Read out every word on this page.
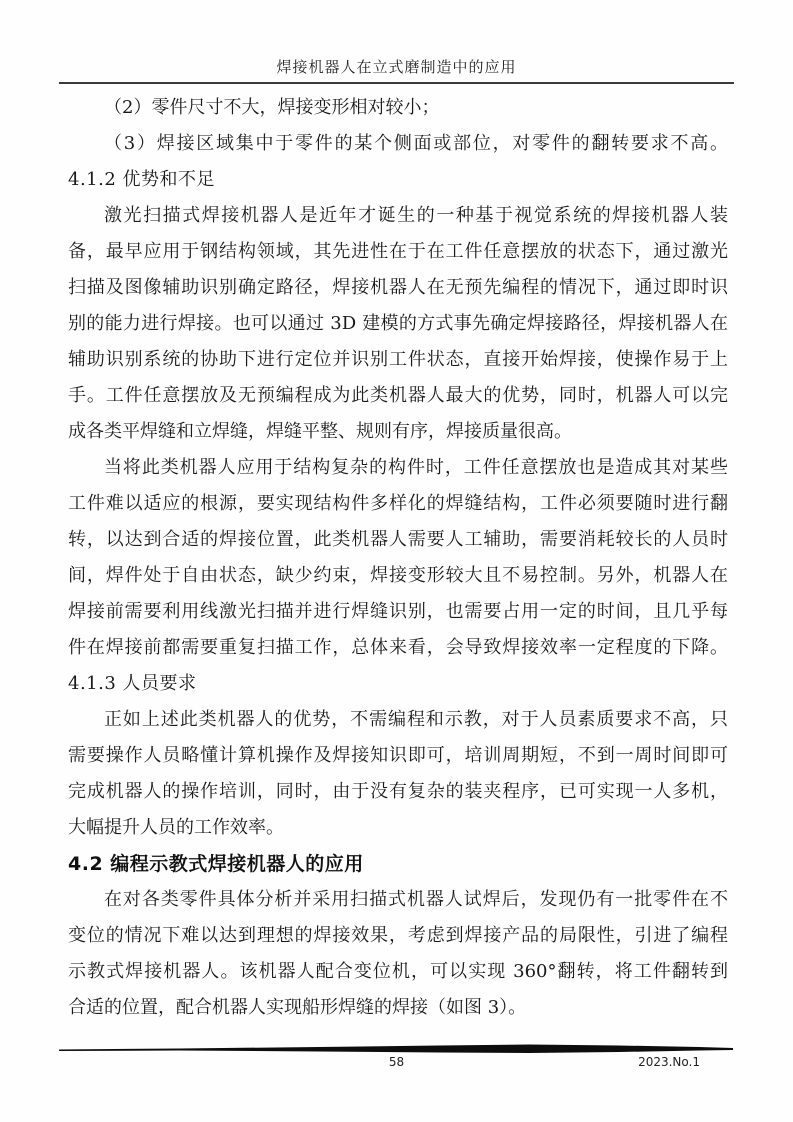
焊接机器人在立式磨制造中的应用
（2）零件尺寸不大，焊接变形相对较小；
（3）焊接区域集中于零件的某个侧面或部位，对零件的翻转要求不高。
4.1.2 优势和不足
激光扫描式焊接机器人是近年才诞生的一种基于视觉系统的焊接机器人装
备，最早应用于钢结构领域，其先进性在于在工件任意摆放的状态下，通过激光
扫描及图像辅助识别确定路径，焊接机器人在无预先编程的情况下，通过即时识
别的能力进行焊接。也可以通过 3D 建模的方式事先确定焊接路径，焊接机器人在
辅助识别系统的协助下进行定位并识别工件状态，直接开始焊接，使操作易于上
手。工件任意摆放及无预编程成为此类机器人最大的优势，同时，机器人可以完
成各类平焊缝和立焊缝，焊缝平整、规则有序，焊接质量很高。
当将此类机器人应用于结构复杂的构件时，工件任意摆放也是造成其对某些
工件难以适应的根源，要实现结构件多样化的焊缝结构，工件必须要随时进行翻
转，以达到合适的焊接位置，此类机器人需要人工辅助，需要消耗较长的人员时
间，焊件处于自由状态，缺少约束，焊接变形较大且不易控制。另外，机器人在
焊接前需要利用线激光扫描并进行焊缝识别，也需要占用一定的时间，且几乎每
件在焊接前都需要重复扫描工作，总体来看，会导致焊接效率一定程度的下降。
4.1.3 人员要求
正如上述此类机器人的优势，不需编程和示教，对于人员素质要求不高，只
需要操作人员略懂计算机操作及焊接知识即可，培训周期短，不到一周时间即可
完成机器人的操作培训，同时，由于没有复杂的装夹程序，已可实现一人多机，
大幅提升人员的工作效率。
4.2 编程示教式焊接机器人的应用
在对各类零件具体分析并采用扫描式机器人试焊后，发现仍有一批零件在不
变位的情况下难以达到理想的焊接效果，考虑到焊接产品的局限性，引进了编程
示教式焊接机器人。该机器人配合变位机，可以实现 360°翻转，将工件翻转到
合适的位置，配合机器人实现船形焊缝的焊接（如图 3）。
58	2023.No.1
